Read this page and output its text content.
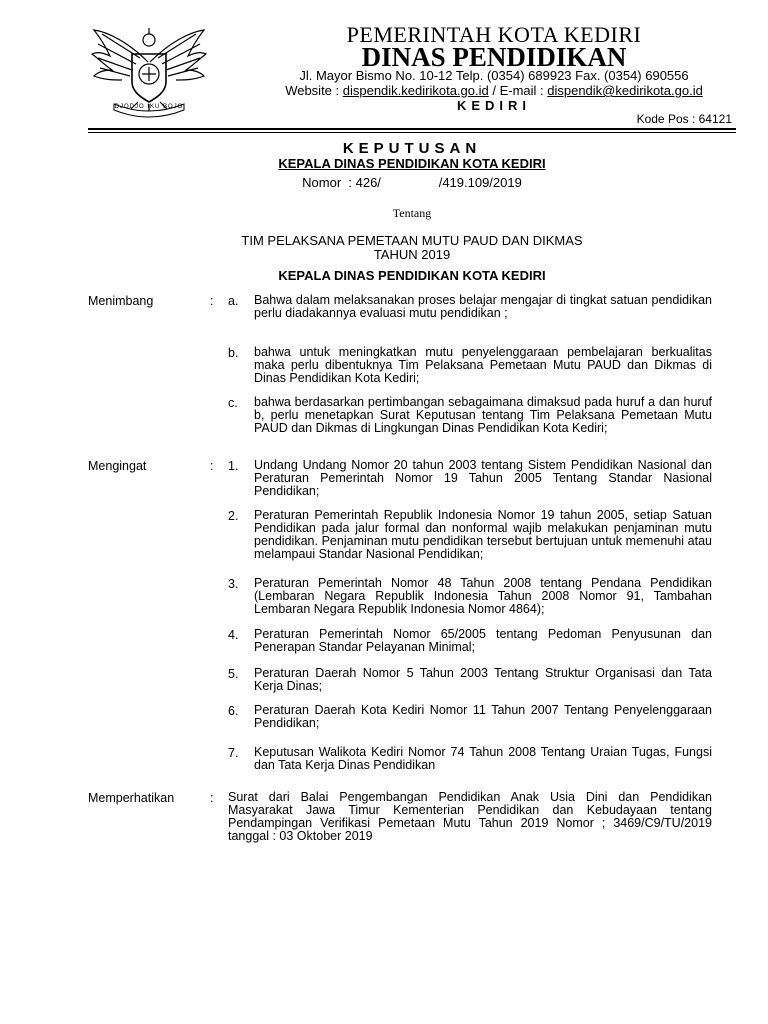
DJODJO IKU BOJO
PEMERINTAH KOTA KEDIRI
DINAS PENDIDIKAN
Jl. Mayor Bismo No. 10-12 Telp. (0354) 689923 Fax. (0354) 690556
Website : dispendik.kedirikota.go.id / E-mail : dispendik@kedirikota.go.id
KEDIRI
Kode Pos : 64121
KEPUTUSAN
KEPALA DINAS PENDIDIKAN KOTA KEDIRI
Nomor  : 426/                /419.109/2019
Tentang
TIM PELAKSANA PEMETAAN MUTU PAUD DAN DIKMAS
TAHUN 2019
KEPALA DINAS PENDIDIKAN KOTA KEDIRI
Menimbang	: a. Bahwa dalam melaksanakan proses belajar mengajar di tingkat satuan pendidikan perlu diadakannya evaluasi mutu pendidikan ;
b. bahwa untuk meningkatkan mutu penyelenggaraan pembelajaran berkualitas maka perlu dibentuknya Tim Pelaksana Pemetaan Mutu PAUD dan Dikmas di Dinas Pendidikan Kota Kediri;
c. bahwa berdasarkan pertimbangan sebagaimana dimaksud pada huruf a dan huruf b, perlu menetapkan Surat Keputusan tentang Tim Pelaksana Pemetaan Mutu PAUD dan Dikmas di Lingkungan Dinas Pendidikan Kota Kediri;
Mengingat	: 1. Undang Undang Nomor 20 tahun 2003 tentang Sistem Pendidikan Nasional dan Peraturan Pemerintah Nomor 19 Tahun 2005 Tentang Standar Nasional Pendidikan;
2. Peraturan Pemerintah Republik Indonesia Nomor 19 tahun 2005, setiap Satuan Pendidikan pada jalur formal dan nonformal wajib melakukan penjaminan mutu pendidikan. Penjaminan mutu pendidikan tersebut bertujuan untuk memenuhi atau melampaui Standar Nasional Pendidikan;
3. Peraturan Pemerintah Nomor 48 Tahun 2008 tentang Pendana Pendidikan (Lembaran Negara Republik Indonesia Tahun 2008 Nomor 91, Tambahan Lembaran Negara Republik Indonesia Nomor 4864);
4. Peraturan Pemerintah Nomor 65/2005 tentang Pedoman Penyusunan dan Penerapan Standar Pelayanan Minimal;
5. Peraturan Daerah Nomor 5 Tahun 2003 Tentang Struktur Organisasi dan Tata Kerja Dinas;
6. Peraturan Daerah Kota Kediri Nomor 11 Tahun 2007 Tentang Penyelenggaraan Pendidikan;
7. Keputusan Walikota Kediri Nomor 74 Tahun 2008 Tentang Uraian Tugas, Fungsi dan Tata Kerja Dinas Pendidikan
Memperhatikan	: Surat dari Balai Pengembangan Pendidikan Anak Usia Dini dan Pendidikan Masyarakat Jawa Timur Kementerian Pendidikan dan Kebudayaan tentang Pendampingan Verifikasi Pemetaan Mutu Tahun 2019 Nomor ; 3469/C9/TU/2019 tanggal : 03 Oktober 2019
